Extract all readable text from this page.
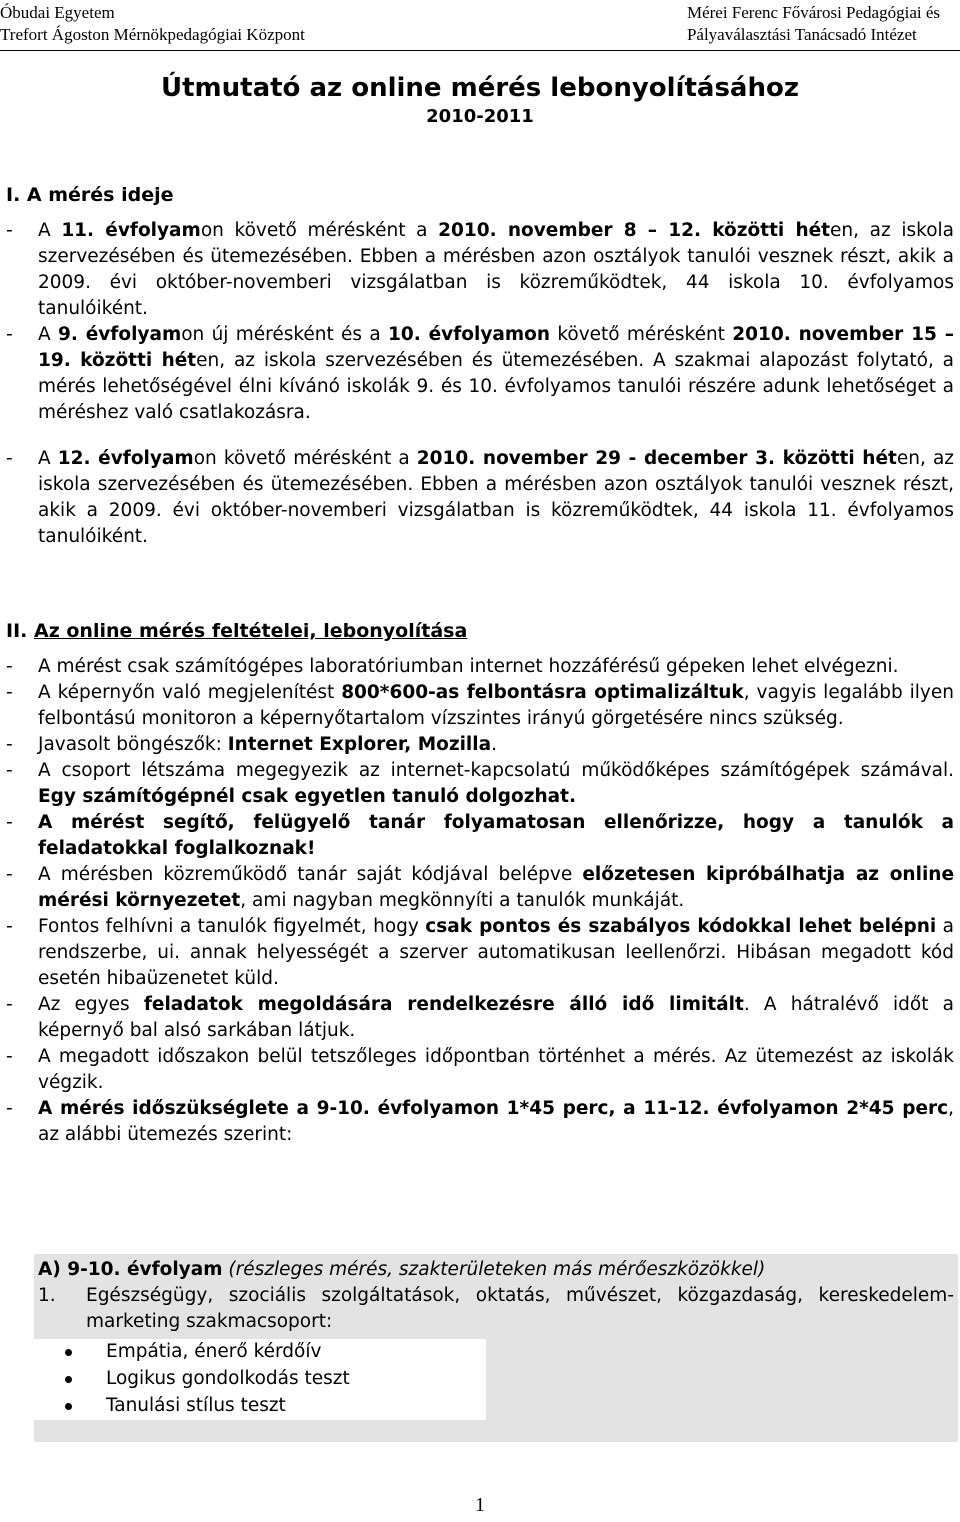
Óbudai Egyetem
Trefort Ágoston Mérnökpedagógiai Központ
Mérei Ferenc Fővárosi Pedagógiai és
Pályaválasztási Tanácsadó Intézet
Útmutató az online mérés lebonyolításához
2010-2011
I. A mérés ideje
- A 11. évfolyamon követő mérésként a 2010. november 8 – 12. közötti héten, az iskola szervezésében és ütemezésében. Ebben a mérésben azon osztályok tanulói vesznek részt, akik a 2009. évi október-novemberi vizsgálatban is közreműködtek, 44 iskola 10. évfolyamos tanulóiként.
- A 9. évfolyamon új mérésként és a 10. évfolyamon követő mérésként 2010. november 15 – 19. közötti héten, az iskola szervezésében és ütemezésében. A szakmai alapozást folytató, a mérés lehetőségével élni kívánó iskolák 9. és 10. évfolyamos tanulói részére adunk lehetőséget a méréshez való csatlakozásra.
- A 12. évfolyamon követő mérésként a 2010. november 29 - december 3. közötti héten, az iskola szervezésében és ütemezésében. Ebben a mérésben azon osztályok tanulói vesznek részt, akik a 2009. évi október-novemberi vizsgálatban is közreműködtek, 44 iskola 11. évfolyamos tanulóiként.
II. Az online mérés feltételei, lebonyolítása
- A mérést csak számítógépes laboratóriumban internet hozzáférésű gépeken lehet elvégezni.
- A képernyőn való megjelenítést 800*600-as felbontásra optimalizáltuk, vagyis legalább ilyen felbontású monitoron a képernyőtartalom vízszintes irányú görgetésére nincs szükség.
- Javasolt böngészők: Internet Explorer, Mozilla.
- A csoport létszáma megegyezik az internet-kapcsolatú működőképes számítógépek számával. Egy számítógépnél csak egyetlen tanuló dolgozhat.
- A mérést segítő, felügyelő tanár folyamatosan ellenőrizze, hogy a tanulók a feladatokkal foglalkoznak!
- A mérésben közreműködő tanár saját kódjával belépve előzetesen kipróbálhatja az online mérési környezetet, ami nagyban megkönnyíti a tanulók munkáját.
- Fontos felhívni a tanulók figyelmét, hogy csak pontos és szabályos kódokkal lehet belépni a rendszerbe, ui. annak helyességét a szerver automatikusan leellenőrzi. Hibásan megadott kód esetén hibaüzenetet küld.
- Az egyes feladatok megoldására rendelkezésre álló idő limitált. A hátralévő időt a képernyő bal alsó sarkában látjuk.
- A megadott időszakon belül tetszőleges időpontban történhet a mérés. Az ütemezést az iskolák végzik.
- A mérés időszükséglete a 9-10. évfolyamon 1*45 perc, a 11-12. évfolyamon 2*45 perc, az alábbi ütemezés szerint:
A) 9-10. évfolyam (részleges mérés, szakterületeken más mérőeszközökkel)
1. Egészségügy, szociális szolgáltatások, oktatás, művészet, közgazdaság, kereskedelem-marketing szakmacsoport:
Empátia, énerő kérdőív
Logikus gondolkodás teszt
Tanulási stílus teszt
1
